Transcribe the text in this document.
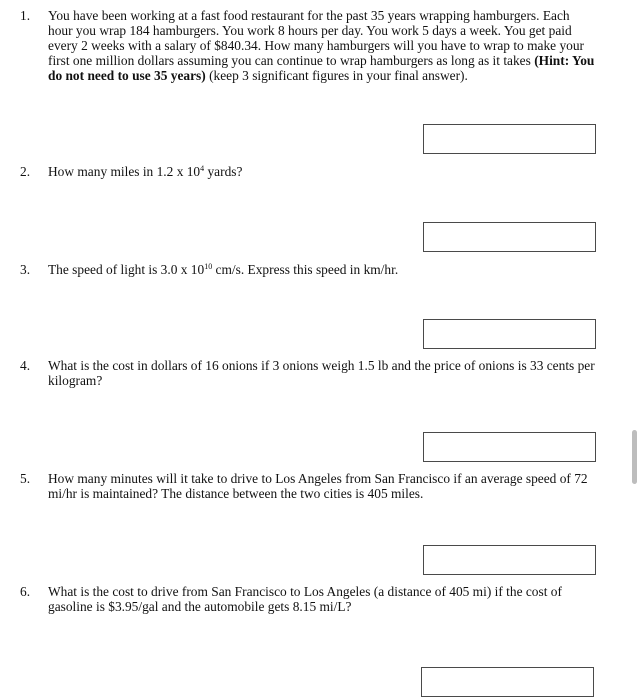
1. You have been working at a fast food restaurant for the past 35 years wrapping hamburgers. Each hour you wrap 184 hamburgers. You work 8 hours per day. You work 5 days a week. You get paid every 2 weeks with a salary of $840.34. How many hamburgers will you have to wrap to make your first one million dollars assuming you can continue to wrap hamburgers as long as it takes (Hint: You do not need to use 35 years) (keep 3 significant figures in your final answer).
2. How many miles in 1.2 x $10^4$ yards?
3. The speed of light is 3.0 x $10^{10}$ cm/s. Express this speed in km/hr.
4. What is the cost in dollars of 16 onions if 3 onions weigh 1.5 lb and the price of onions is 33 cents per kilogram?
5. How many minutes will it take to drive to Los Angeles from San Francisco if an average speed of 72 mi/hr is maintained? The distance between the two cities is 405 miles.
6. What is the cost to drive from San Francisco to Los Angeles (a distance of 405 mi) if the cost of gasoline is $3.95/gal and the automobile gets 8.15 mi/L?
